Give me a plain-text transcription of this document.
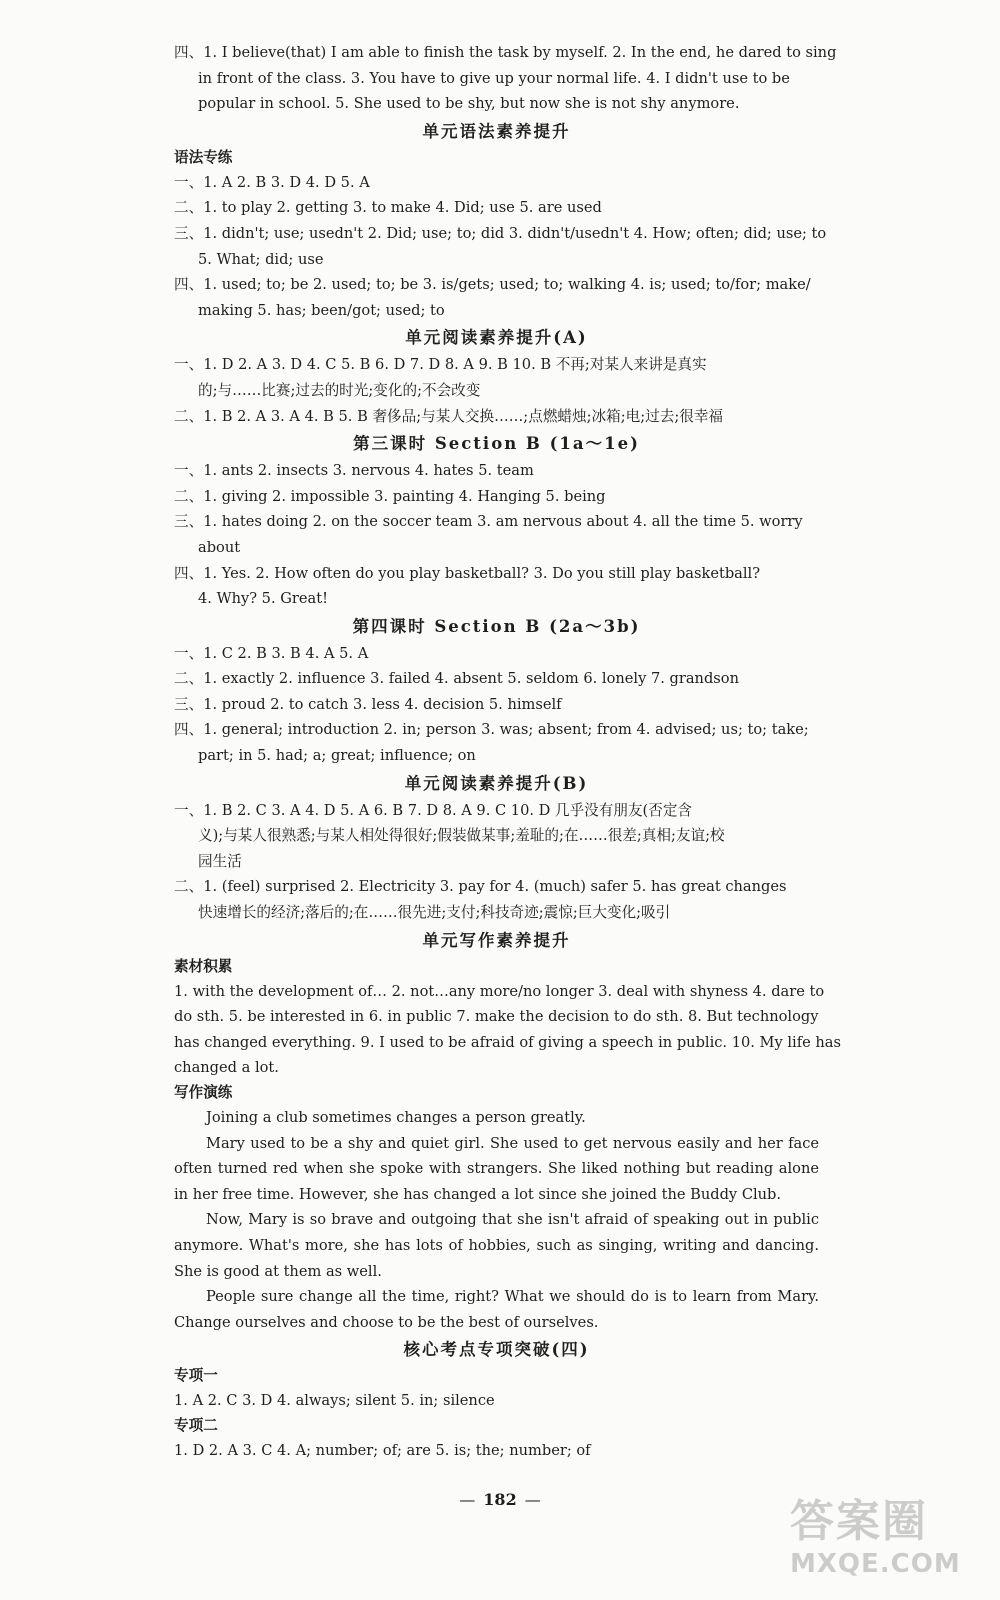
四、1. I believe(that) I am able to finish the task by myself. 2. In the end, he dared to sing
in front of the class. 3. You have to give up your normal life. 4. I didn't use to be
popular in school. 5. She used to be shy, but now she is not shy anymore.
单元语法素养提升
语法专练
一、1. A 2. B 3. D 4. D 5. A
二、1. to play 2. getting 3. to make 4. Did; use 5. are used
三、1. didn't; use; usedn't 2. Did; use; to; did 3. didn't/usedn't 4. How; often; did; use; to
5. What; did; use
四、1. used; to; be 2. used; to; be 3. is/gets; used; to; walking 4. is; used; to/for; make/
making 5. has; been/got; used; to
单元阅读素养提升(A)
一、1. D 2. A 3. D 4. C 5. B 6. D 7. D 8. A 9. B 10. B 不再;对某人来讲是真实
的;与……比赛;过去的时光;变化的;不会改变
二、1. B 2. A 3. A 4. B 5. B 奢侈品;与某人交换……;点燃蜡烛;冰箱;电;过去;很幸福
第三课时 Section B (1a～1e)
一、1. ants 2. insects 3. nervous 4. hates 5. team
二、1. giving 2. impossible 3. painting 4. Hanging 5. being
三、1. hates doing 2. on the soccer team 3. am nervous about 4. all the time 5. worry
about
四、1. Yes. 2. How often do you play basketball? 3. Do you still play basketball?
4. Why? 5. Great!
第四课时 Section B (2a～3b)
一、1. C 2. B 3. B 4. A 5. A
二、1. exactly 2. influence 3. failed 4. absent 5. seldom 6. lonely 7. grandson
三、1. proud 2. to catch 3. less 4. decision 5. himself
四、1. general; introduction 2. in; person 3. was; absent; from 4. advised; us; to; take;
part; in 5. had; a; great; influence; on
单元阅读素养提升(B)
一、1. B 2. C 3. A 4. D 5. A 6. B 7. D 8. A 9. C 10. D 几乎没有朋友(否定含
义);与某人很熟悉;与某人相处得很好;假装做某事;羞耻的;在……很差;真相;友谊;校
园生活
二、1. (feel) surprised 2. Electricity 3. pay for 4. (much) safer 5. has great changes
快速增长的经济;落后的;在……很先进;支付;科技奇迹;震惊;巨大变化;吸引
单元写作素养提升
素材积累
1. with the development of… 2. not…any more/no longer 3. deal with shyness 4. dare to
do sth. 5. be interested in 6. in public 7. make the decision to do sth. 8. But technology
has changed everything. 9. I used to be afraid of giving a speech in public. 10. My life has
changed a lot.
写作演练
Joining a club sometimes changes a person greatly.
Mary used to be a shy and quiet girl. She used to get nervous easily and her face often turned red when she spoke with strangers. She liked nothing but reading alone in her free time. However, she has changed a lot since she joined the Buddy Club.
Now, Mary is so brave and outgoing that she isn't afraid of speaking out in public anymore. What's more, she has lots of hobbies, such as singing, writing and dancing. She is good at them as well.
People sure change all the time, right? What we should do is to learn from Mary. Change ourselves and choose to be the best of ourselves.
核心考点专项突破(四)
专项一
1. A 2. C 3. D 4. always; silent 5. in; silence
专项二
1. D 2. A 3. C 4. A; number; of; are 5. is; the; number; of
— 182 —	答案圈
MXQE.COM
